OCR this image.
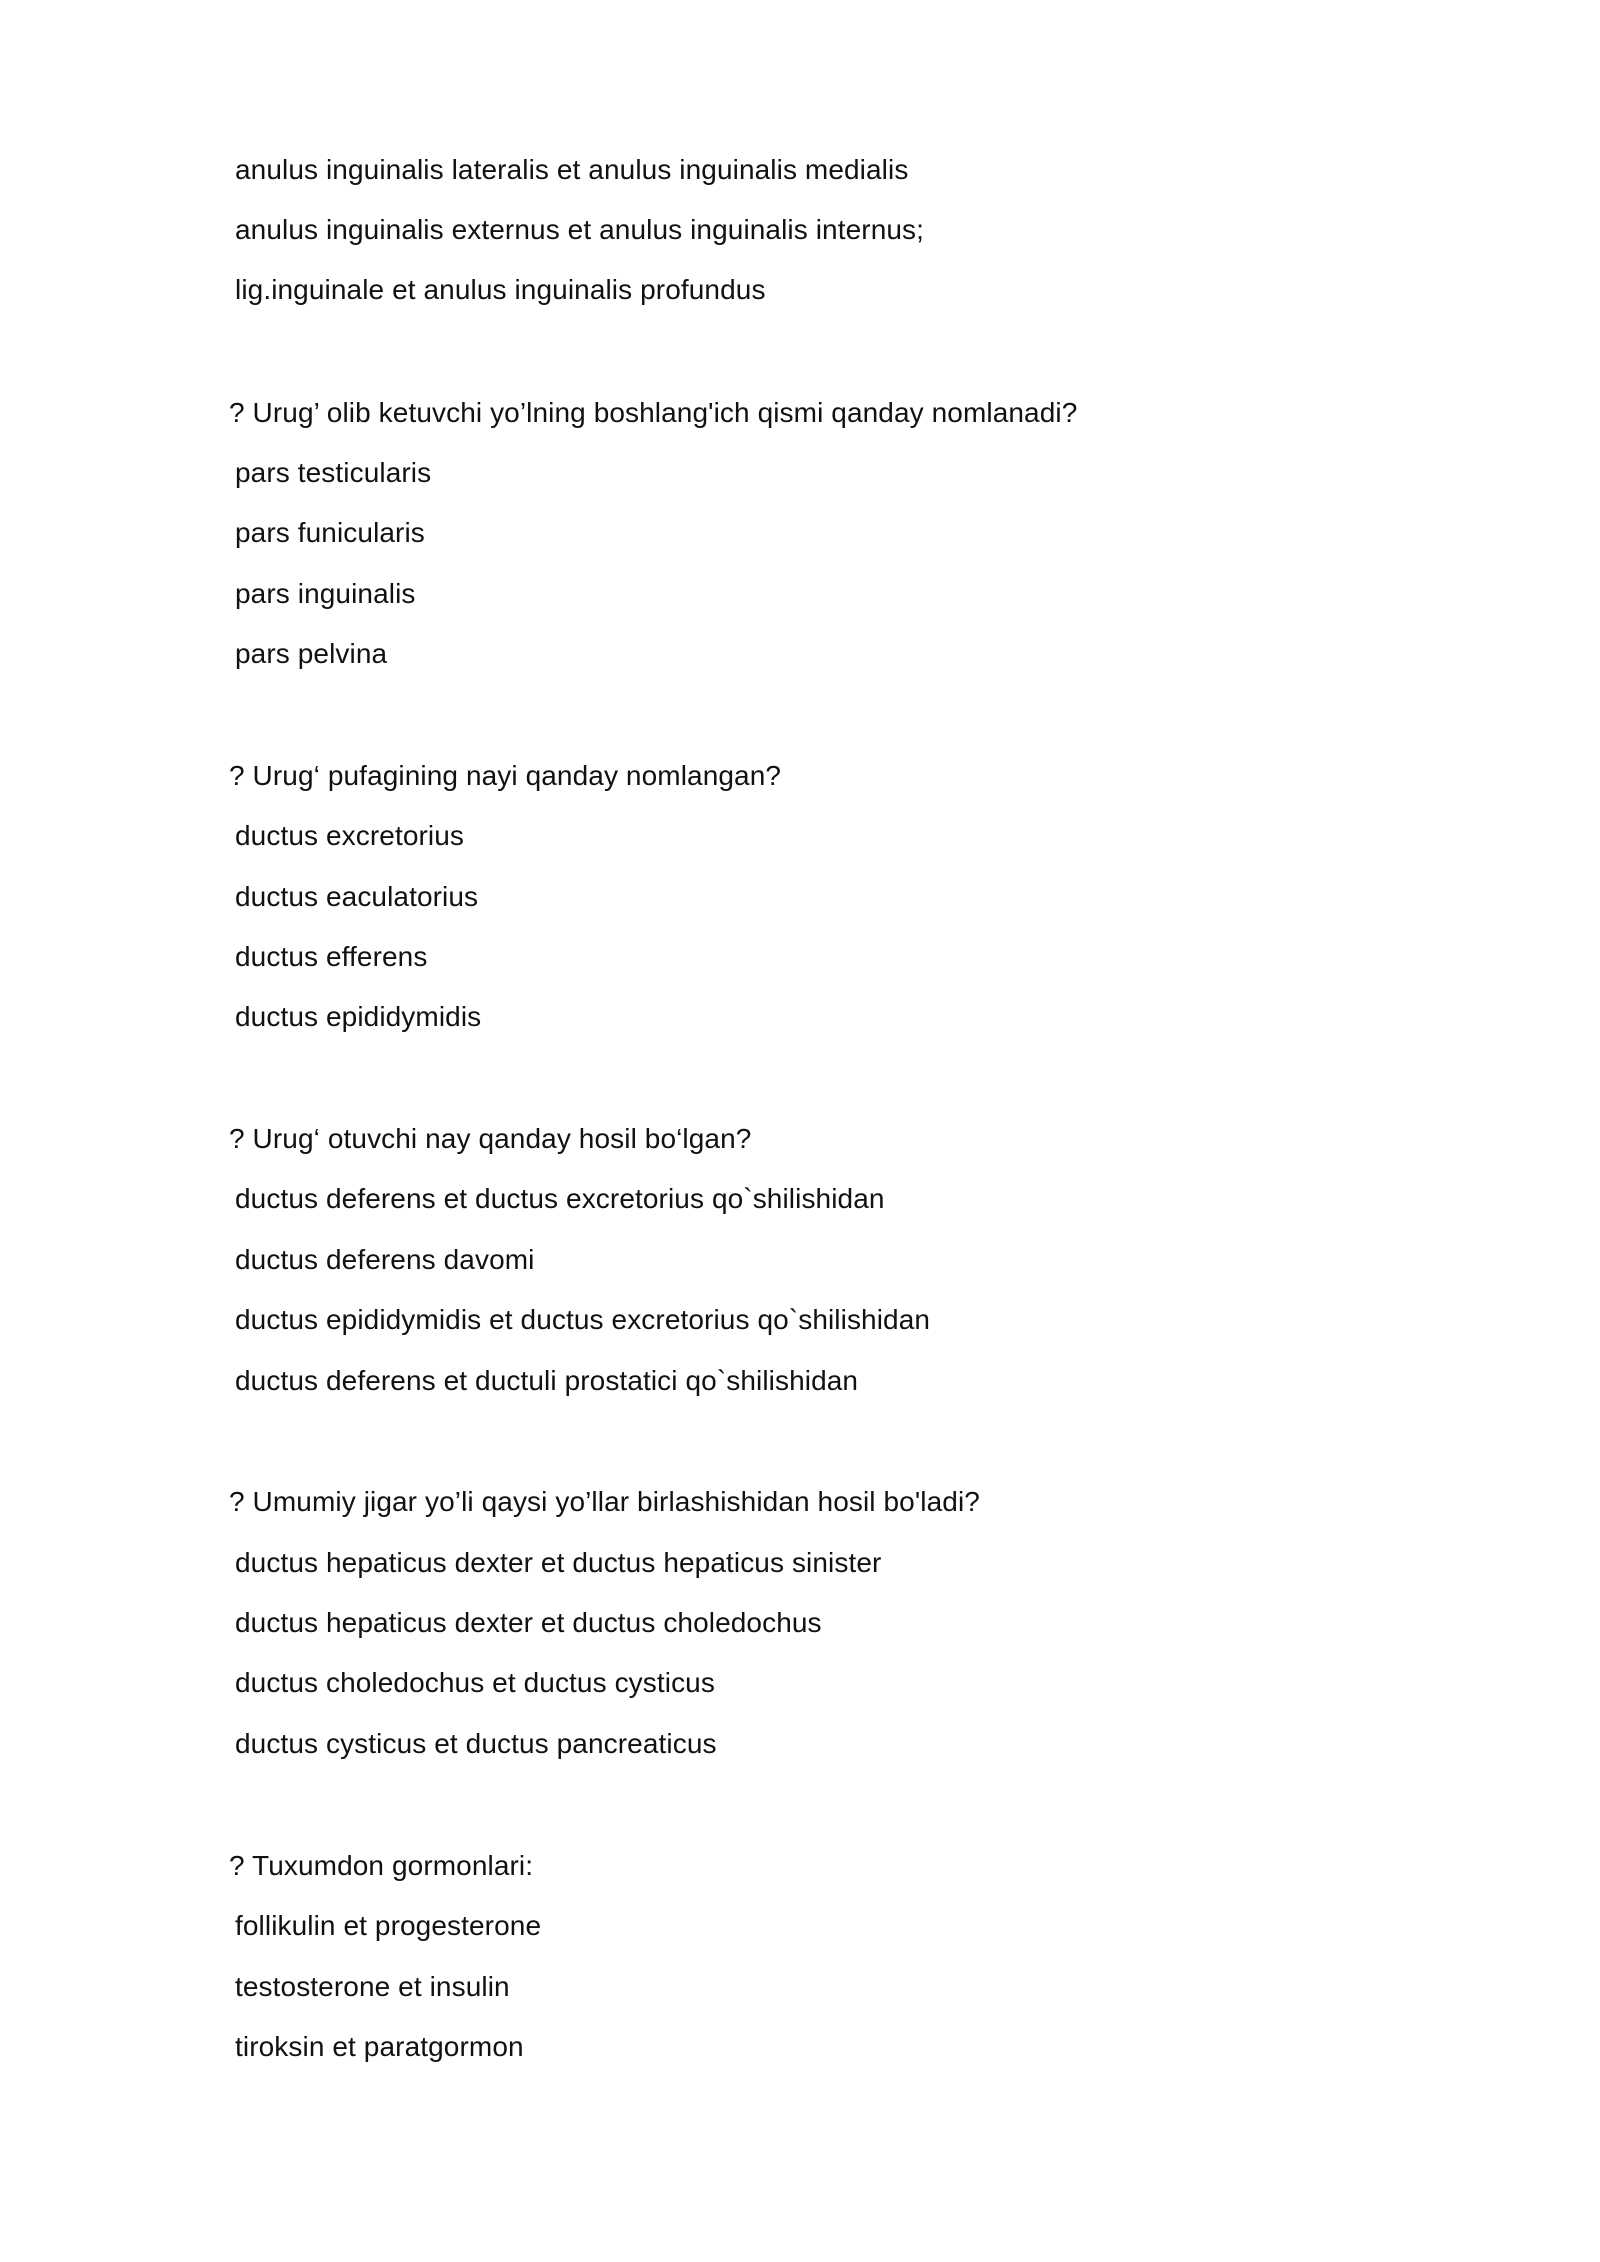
anulus inguinalis lateralis et anulus inguinalis medialis
anulus inguinalis externus et anulus inguinalis internus;
lig.inguinale et anulus inguinalis profundus
? Urug’ olib ketuvchi yo’lning boshlang'ich qismi qanday nomlanadi?
pars testicularis
pars funicularis
pars inguinalis
pars pelvina
? Urug‘ pufagining nayi qanday nomlangan?
ductus excretorius
ductus eaculatorius
ductus efferens
ductus epididymidis
? Urug‘ otuvchi nay qanday hosil bo‘lgan?
ductus deferens et ductus excretorius qo`shilishidan
ductus deferens davomi
ductus epididymidis et ductus excretorius qo`shilishidan
ductus deferens et ductuli prostatici qo`shilishidan
? Umumiy jigar yo’li qaysi yo’llar birlashishidan hosil bo'ladi?
ductus hepaticus dexter et ductus hepaticus sinister
ductus hepaticus dexter et ductus choledochus
ductus choledochus et ductus cysticus
ductus cysticus et ductus pancreaticus
? Tuxumdon gormonlari:
follikulin et progesterone
testosterone et insulin
tiroksin et paratgormon
